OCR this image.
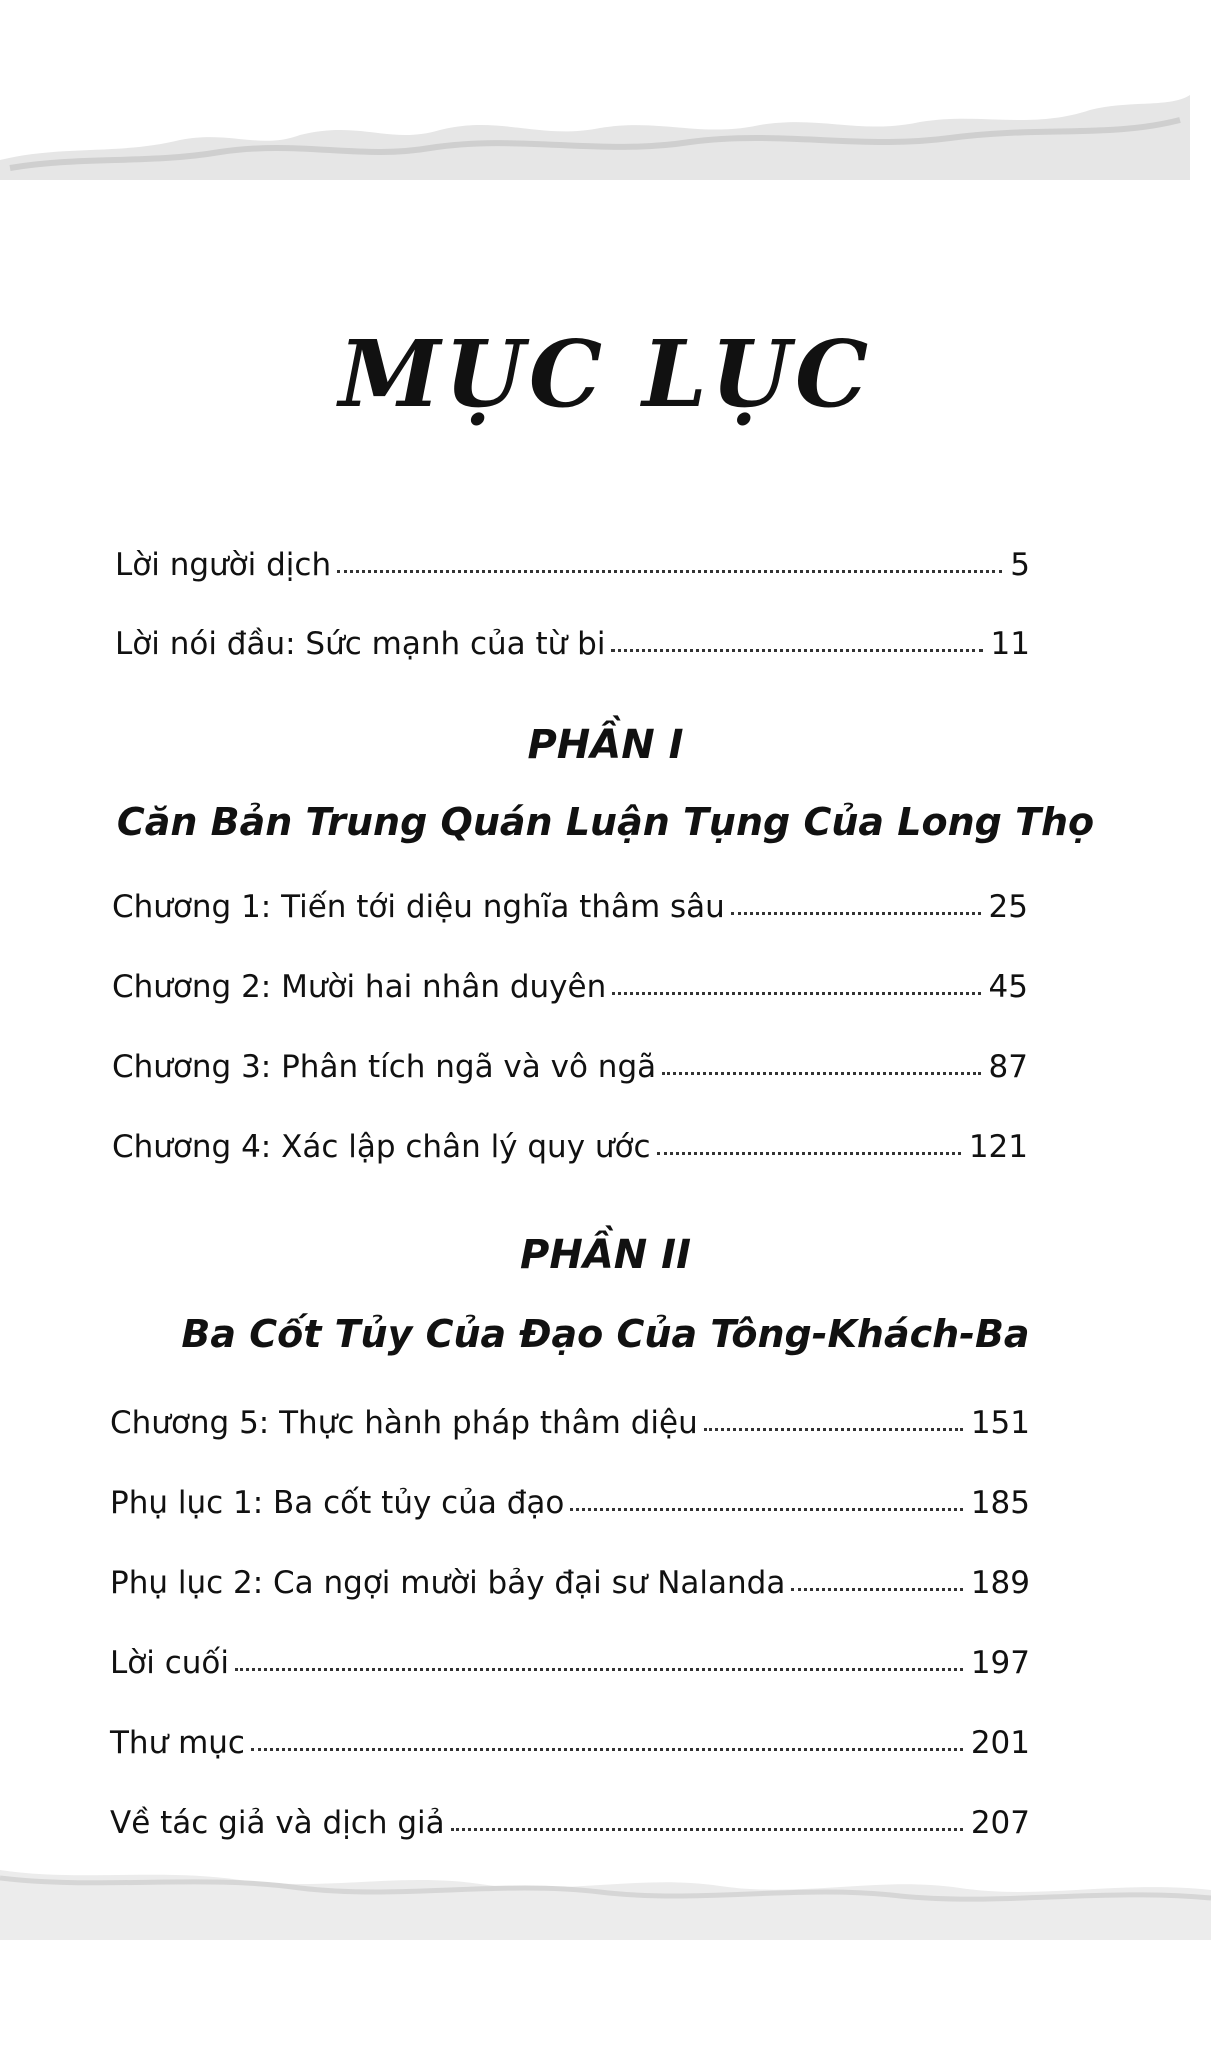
MỤC LỤC
Lời người dịch	5
Lời nói đầu: Sức mạnh của từ bi	11
PHẦN I
Căn Bản Trung Quán Luận Tụng Của Long Thọ
Chương 1: Tiến tới diệu nghĩa thâm sâu	25
Chương 2: Mười hai nhân duyên	45
Chương 3: Phân tích ngã và vô ngã	87
Chương 4: Xác lập chân lý quy ước	121
PHẦN II
Ba Cốt Tủy Của Đạo Của Tông-Khách-Ba
Chương 5: Thực hành pháp thâm diệu	151
Phụ lục 1: Ba cốt tủy của đạo	185
Phụ lục 2: Ca ngợi mười bảy đại sư Nalanda	189
Lời cuối	197
Thư mục	201
Về tác giả và dịch giả	207
